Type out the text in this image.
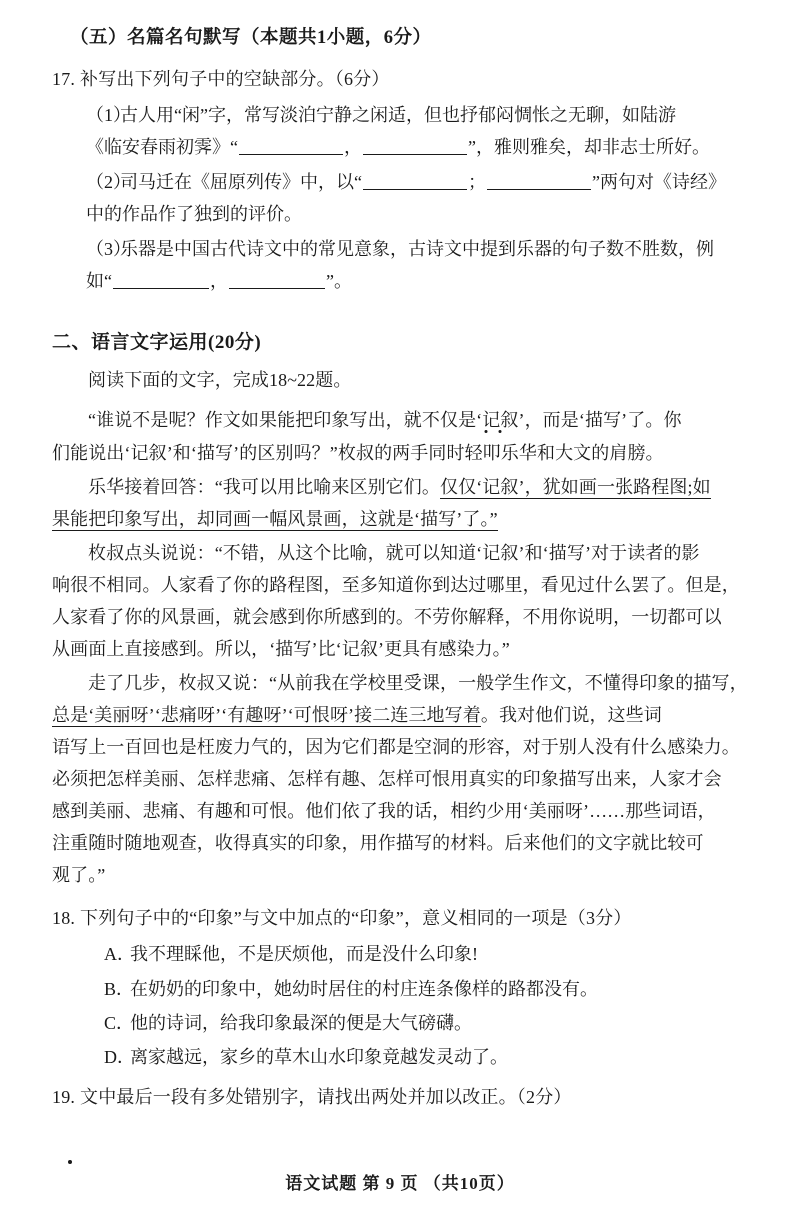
（五）名篇名句默写（本题共1小题，6分）
17. 补写出下列句子中的空缺部分。（6分）
（1）
古人用“闲”字，常写淡泊宁静之闲适，但也抒郁闷惆怅之无聊，如陆游
《临安春雨初霁》“	，	”，雅则雅矣，却非志士所好。
（2）
司马迁在《屈原列传》中，以“	；	”两句对《诗经》
中的作品作了独到的评价。
（3）
乐器是中国古代诗文中的常见意象，古诗文中提到乐器的句子数不胜数，例
如“	，	”。
二、语言文字运用(20分)
阅读下面的文字，完成18~22题。
“谁说不是呢？作文如果能把印象写出，就不仅是‘记叙’，而是‘描写’了。你
们能说出‘记叙’和‘描写’的区别吗？”枚叔的两手同时轻叩乐华和大文的肩膀。
乐华接着回答：“我可以用比喻来区别它们。仅仅‘记叙’，犹如画一张路程图;如
果能把印象写出，却同画一幅风景画，这就是‘描写’了。”
枚叔点头说说：“不错，从这个比喻，就可以知道‘记叙’和‘描写’对于读者的影
响很不相同。人家看了你的路程图，至多知道你到达过哪里，看见过什么罢了。但是，
人家看了你的风景画，就会感到你所感到的。不劳你解释，不用你说明，一切都可以
从画面上直接感到。所以，‘描写’比‘记叙’更具有感染力。”
走了几步，枚叔又说：“从前我在学校里受课，一般学生作文，不懂得印象的描写，
总是‘美丽呀’‘悲痛呀’‘有趣呀’‘可恨呀’接二连三地写着。我对他们说，这些词
语写上一百回也是枉废力气的，因为它们都是空洞的形容，对于别人没有什么感染力。
必须把怎样美丽、怎样悲痛、怎样有趣、怎样可恨用真实的印象描写出来，人家才会
感到美丽、悲痛、有趣和可恨。他们依了我的话，相约少用‘美丽呀’……那些词语，
注重随时随地观查，收得真实的印象，用作描写的材料。后来他们的文字就比较可
观了。”
18. 下列句子中的“印象”与文中加点的“印象”，意义相同的一项是（3分）
A．我不理睬他，不是厌烦他，而是没什么印象!
B．在奶奶的印象中，她幼时居住的村庄连条像样的路都没有。
C．他的诗词，给我印象最深的便是大气磅礴。
D．离家越远，家乡的草木山水印象竟越发灵动了。
19. 文中最后一段有多处错别字，请找出两处并加以改正。（2分）
语文试题 第 9 页 （共10页）
